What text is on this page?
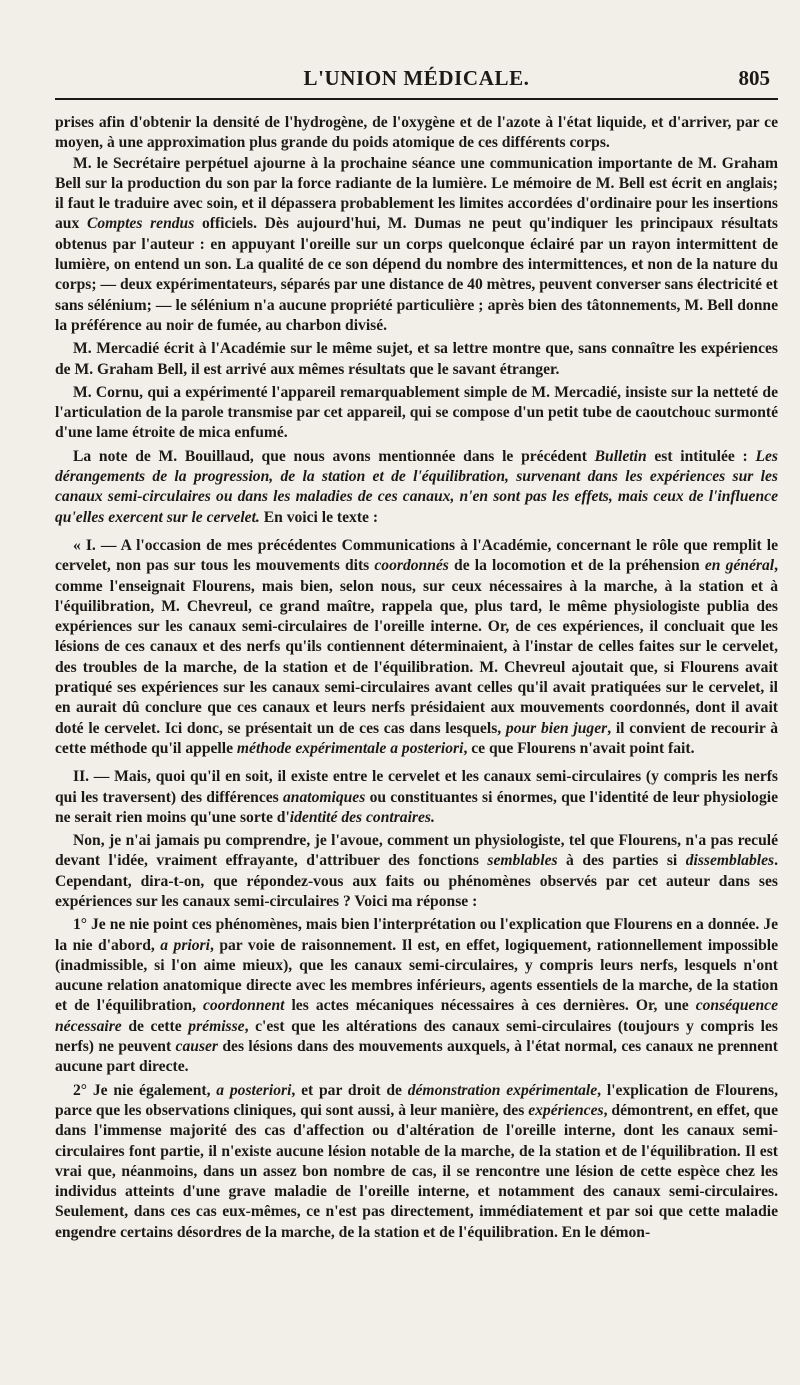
L'UNION MÉDICALE.	805

prises afin d'obtenir la densité de l'hydrogène, de l'oxygène et de l'azote à l'état liquide, et d'arriver, par ce moyen, à une approximation plus grande du poids atomique de ces différents corps.

M. le Secrétaire perpétuel ajourne à la prochaine séance une communication importante de M. Graham Bell sur la production du son par la force radiante de la lumière. Le mémoire de M. Bell est écrit en anglais; il faut le traduire avec soin, et il dépassera probablement les limites accordées d'ordinaire pour les insertions aux Comptes rendus officiels. Dès aujourd'hui, M. Dumas ne peut qu'indiquer les principaux résultats obtenus par l'auteur : en appuyant l'oreille sur un corps quelconque éclairé par un rayon intermittent de lumière, on entend un son. La qualité de ce son dépend du nombre des intermittences, et non de la nature du corps; — deux expérimentateurs, séparés par une distance de 40 mètres, peuvent converser sans électricité et sans sélénium; — le sélénium n'a aucune propriété particulière ; après bien des tâtonnements, M. Bell donne la préférence au noir de fumée, au charbon divisé.

M. Mercadié écrit à l'Académie sur le même sujet, et sa lettre montre que, sans connaître les expériences de M. Graham Bell, il est arrivé aux mêmes résultats que le savant étranger.

M. Cornu, qui a expérimenté l'appareil remarquablement simple de M. Mercadié, insiste sur la netteté de l'articulation de la parole transmise par cet appareil, qui se compose d'un petit tube de caoutchouc surmonté d'une lame étroite de mica enfumé.

La note de M. Bouillaud, que nous avons mentionnée dans le précédent Bulletin est intitulée : Les dérangements de la progression, de la station et de l'équilibration, survenant dans les expériences sur les canaux semi-circulaires ou dans les maladies de ces canaux, n'en sont pas les effets, mais ceux de l'influence qu'elles exercent sur le cervelet. En voici le texte :

« I. — A l'occasion de mes précédentes Communications à l'Académie, concernant le rôle que remplit le cervelet, non pas sur tous les mouvements dits coordonnés de la locomotion et de la préhension en général, comme l'enseignait Flourens, mais bien, selon nous, sur ceux nécessaires à la marche, à la station et à l'équilibration, M. Chevreul, ce grand maître, rappela que, plus tard, le même physiologiste publia des expériences sur les canaux semi-circulaires de l'oreille interne. Or, de ces expériences, il concluait que les lésions de ces canaux et des nerfs qu'ils contiennent déterminaient, à l'instar de celles faites sur le cervelet, des troubles de la marche, de la station et de l'équilibration. M. Chevreul ajoutait que, si Flourens avait pratiqué ses expériences sur les canaux semi-circulaires avant celles qu'il avait pratiquées sur le cervelet, il en aurait dû conclure que ces canaux et leurs nerfs présidaient aux mouvements coordonnés, dont il avait doté le cervelet. Ici donc, se présentait un de ces cas dans lesquels, pour bien juger, il convient de recourir à cette méthode qu'il appelle méthode expérimentale a posteriori, ce que Flourens n'avait point fait.

II. — Mais, quoi qu'il en soit, il existe entre le cervelet et les canaux semi-circulaires (y compris les nerfs qui les traversent) des différences anatomiques ou constituantes si énormes, que l'identité de leur physiologie ne serait rien moins qu'une sorte d'identité des contraires.

Non, je n'ai jamais pu comprendre, je l'avoue, comment un physiologiste, tel que Flourens, n'a pas reculé devant l'idée, vraiment effrayante, d'attribuer des fonctions semblables à des parties si dissemblables. Cependant, dira-t-on, que répondez-vous aux faits ou phénomènes observés par cet auteur dans ses expériences sur les canaux semi-circulaires ? Voici ma réponse :

1° Je ne nie point ces phénomènes, mais bien l'interprétation ou l'explication que Flourens en a donnée. Je la nie d'abord, a priori, par voie de raisonnement. Il est, en effet, logiquement, rationnellement impossible (inadmissible, si l'on aime mieux), que les canaux semi-circulaires, y compris leurs nerfs, lesquels n'ont aucune relation anatomique directe avec les membres inférieurs, agents essentiels de la marche, de la station et de l'équilibration, coordonnent les actes mécaniques nécessaires à ces dernières. Or, une conséquence nécessaire de cette prémisse, c'est que les altérations des canaux semi-circulaires (toujours y compris les nerfs) ne peuvent causer des lésions dans des mouvements auxquels, à l'état normal, ces canaux ne prennent aucune part directe.

2° Je nie également, a posteriori, et par droit de démonstration expérimentale, l'explication de Flourens, parce que les observations cliniques, qui sont aussi, à leur manière, des expériences, démontrent, en effet, que dans l'immense majorité des cas d'affection ou d'altération de l'oreille interne, dont les canaux semi-circulaires font partie, il n'existe aucune lésion notable de la marche, de la station et de l'équilibration. Il est vrai que, néanmoins, dans un assez bon nombre de cas, il se rencontre une lésion de cette espèce chez les individus atteints d'une grave maladie de l'oreille interne, et notamment des canaux semi-circulaires. Seulement, dans ces cas eux-mêmes, ce n'est pas directement, immédiatement et par soi que cette maladie engendre certains désordres de la marche, de la station et de l'équilibration. En le démon-
